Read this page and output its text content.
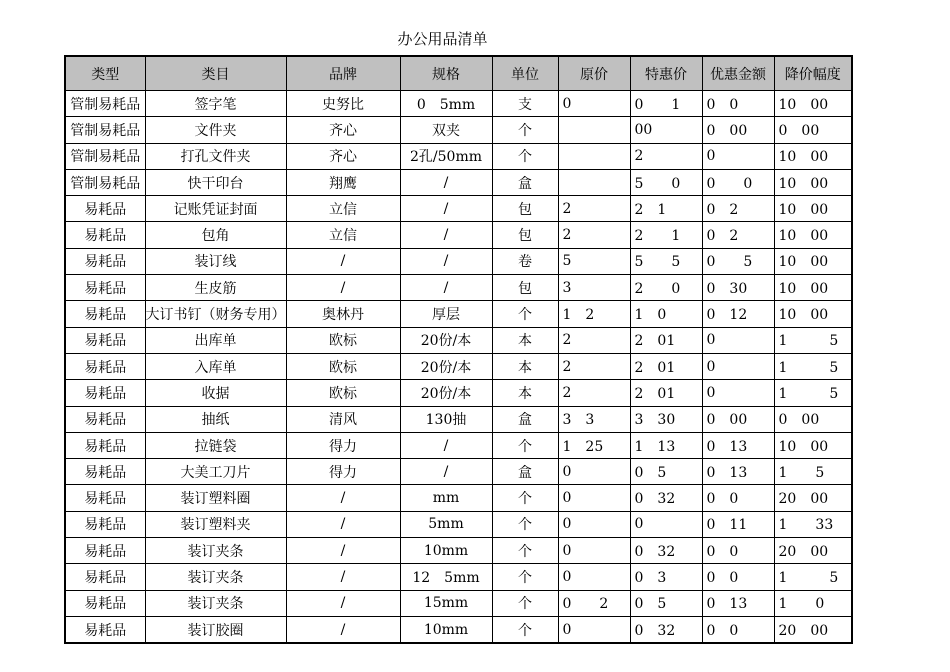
办公用品清单
类型	类目	品牌	规格	单位	原价	特惠价	优惠金额	降价幅度
管制易耗品	签字笔	史努比	0　5mm	支	0	0　　1	0　0	10　00
管制易耗品	文件夹	齐心	双夹	个		00	0　00	0　00
管制易耗品	打孔文件夹	齐心	2孔/50mm	个		2	0	10　00
管制易耗品	快干印台	翔鹰	/	盒		5　　0	0　　0	10　00
易耗品	记账凭证封面	立信	/	包	2	2　1	0　2	10　00
易耗品	包角	立信	/	包	2	2　　1	0　2	10　00
易耗品	装订线	/	/	卷	5	5　　5	0　　5	10　00
易耗品	生皮筋	/	/	包	3	2　　0	0　30	10　00
易耗品	大订书钉（财务专用）	奥林丹	厚层	个	1　2	1　0	0　12	10　00
易耗品	出库单	欧标	20份/本	本	2	2　01	0	1　　　5
易耗品	入库单	欧标	20份/本	本	2	2　01	0	1　　　5
易耗品	收据	欧标	20份/本	本	2	2　01	0	1　　　5
易耗品	抽纸	清风	130抽	盒	3　3	3　30	0　00	0　00
易耗品	拉链袋	得力	/	个	1　25	1　13	0　13	10　00
易耗品	大美工刀片	得力	/	盒	0	0　5	0　13	1　　5
易耗品	装订塑料圈	/	mm	个	0	0　32	0　0	20　00
易耗品	装订塑料夹	/	5mm	个	0	0	0　11	1　　33
易耗品	装订夹条	/	10mm	个	0	0　32	0　0	20　00
易耗品	装订夹条	/	12　5mm	个	0	0　3	0　0	1　　　5
易耗品	装订夹条	/	15mm	个	0　　2	0　5	0　13	1　　0
易耗品	装订胶圈	/	10mm	个	0	0　32	0　0	20　00
